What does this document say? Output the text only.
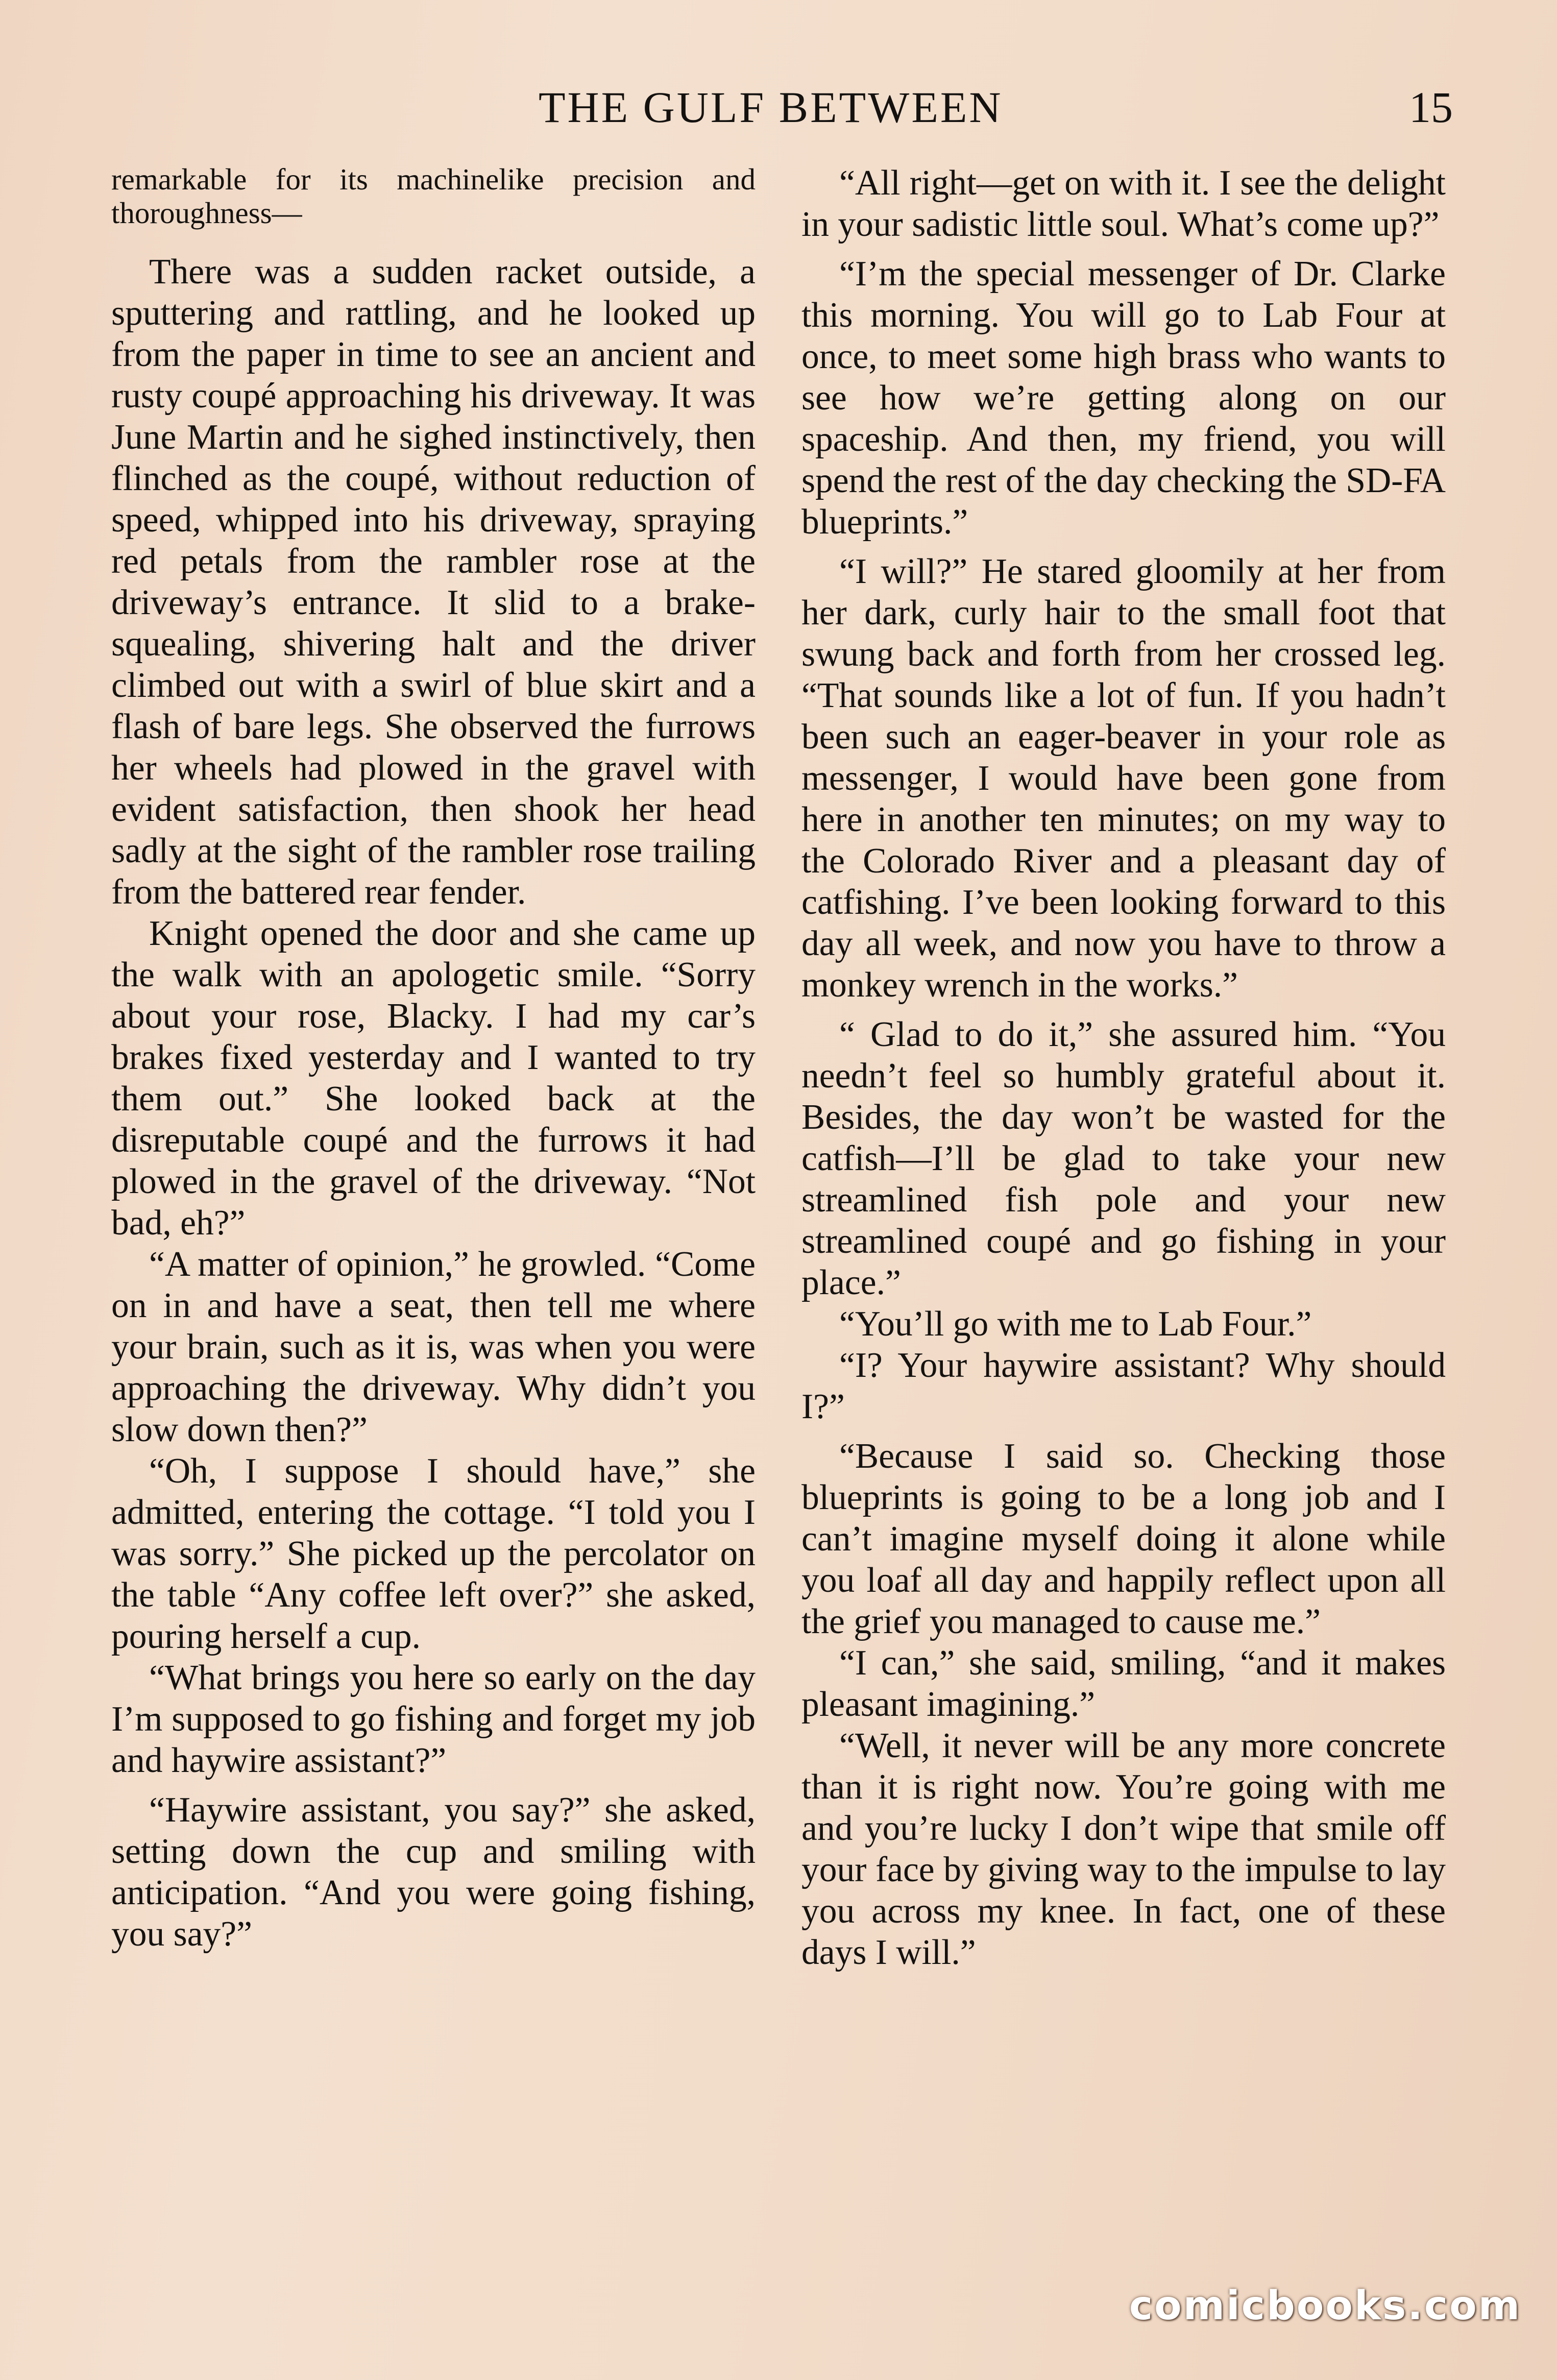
THE GULF BETWEEN	15

remarkable for its machinelike precision and thoroughness—

There was a sudden racket outside, a sputtering and rattling, and he looked up from the paper in time to see an ancient and rusty coupé approaching his driveway. It was June Martin and he sighed instinctively, then flinched as the coupé, without reduction of speed, whipped into his driveway, spraying red petals from the rambler rose at the driveway’s entrance. It slid to a brake-squealing, shivering halt and the driver climbed out with a swirl of blue skirt and a flash of bare legs. She observed the furrows her wheels had plowed in the gravel with evident satisfaction, then shook her head sadly at the sight of the rambler rose trailing from the battered rear fender.

Knight opened the door and she came up the walk with an apologetic smile. “Sorry about your rose, Blacky. I had my car’s brakes fixed yesterday and I wanted to try them out.” She looked back at the disreputable coupé and the furrows it had plowed in the gravel of the driveway. “Not bad, eh?”

“A matter of opinion,” he growled. “Come on in and have a seat, then tell me where your brain, such as it is, was when you were approaching the driveway. Why didn’t you slow down then?”

“Oh, I suppose I should have,” she admitted, entering the cottage. “I told you I was sorry.” She picked up the percolator on the table “Any coffee left over?” she asked, pouring herself a cup.

“What brings you here so early on the day I’m supposed to go fishing and forget my job and haywire assistant?”

“Haywire assistant, you say?” she asked, setting down the cup and smiling with anticipation. “And you were going fishing, you say?”

“All right—get on with it. I see the delight in your sadistic little soul. What’s come up?”

“I’m the special messenger of Dr. Clarke this morning. You will go to Lab Four at once, to meet some high brass who wants to see how we’re getting along on our spaceship. And then, my friend, you will spend the rest of the day checking the SD-FA blueprints.”

“I will?” He stared gloomily at her from her dark, curly hair to the small foot that swung back and forth from her crossed leg. “That sounds like a lot of fun. If you hadn’t been such an eager-beaver in your role as messenger, I would have been gone from here in another ten minutes; on my way to the Colorado River and a pleasant day of catfishing. I’ve been looking forward to this day all week, and now you have to throw a monkey wrench in the works.”

“ Glad to do it,” she assured him. “You needn’t feel so humbly grateful about it. Besides, the day won’t be wasted for the catfish—I’ll be glad to take your new streamlined fish pole and your new streamlined coupé and go fishing in your place.”

“You’ll go with me to Lab Four.”

“I? Your haywire assistant? Why should I?”

“Because I said so. Checking those blueprints is going to be a long job and I can’t imagine myself doing it alone while you loaf all day and happily reflect upon all the grief you managed to cause me.”

“I can,” she said, smiling, “and it makes pleasant imagining.”

“Well, it never will be any more concrete than it is right now. You’re going with me and you’re lucky I don’t wipe that smile off your face by giving way to the impulse to lay you across my knee. In fact, one of these days I will.”

comicbooks.com
